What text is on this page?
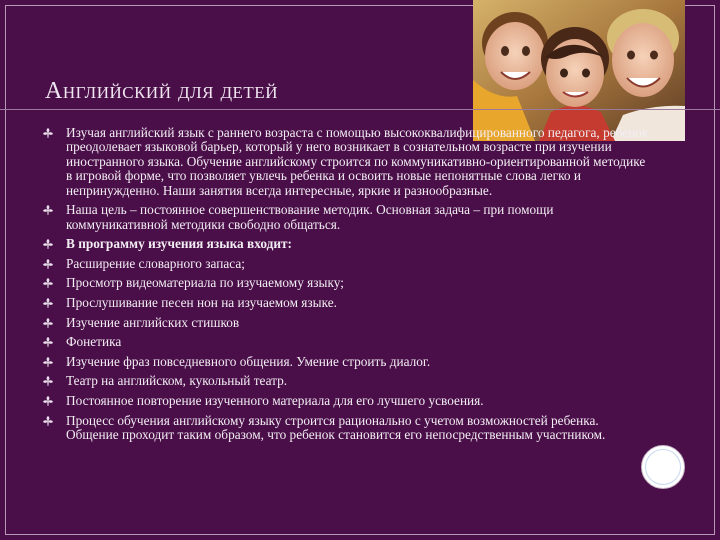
Английский для детей
Изучая английский язык с раннего возраста с помощью высококвалифицированного педагога, ребенок преодолевает языковой барьер, который у него возникает в сознательном возрасте при изучении иностранного языка. Обучение английскому строится по коммуникативно-ориентированной методике в игровой форме, что позволяет увлечь ребенка и освоить новые непонятные слова легко и непринужденно. Наши занятия всегда интересные, яркие и разнообразные.
Наша цель – постоянное совершенствование методик. Основная задача – при помощи коммуникативной методики свободно общаться.
В программу изучения языка входит:
Расширение словарного запаса;
Просмотр видеоматериала по изучаемому языку;
Прослушивание песен нон на изучаемом языке.
Изучение английских стишков
Фонетика
Изучение фраз повседневного общения. Умение строить диалог.
Театр на английском, кукольный театр.
Постоянное повторение изученного материала для его лучшего усвоения.
Процесс обучения английскому языку строится рационально с учетом возможностей ребенка. Общение проходит таким образом, что ребенок становится его непосредственным участником.
